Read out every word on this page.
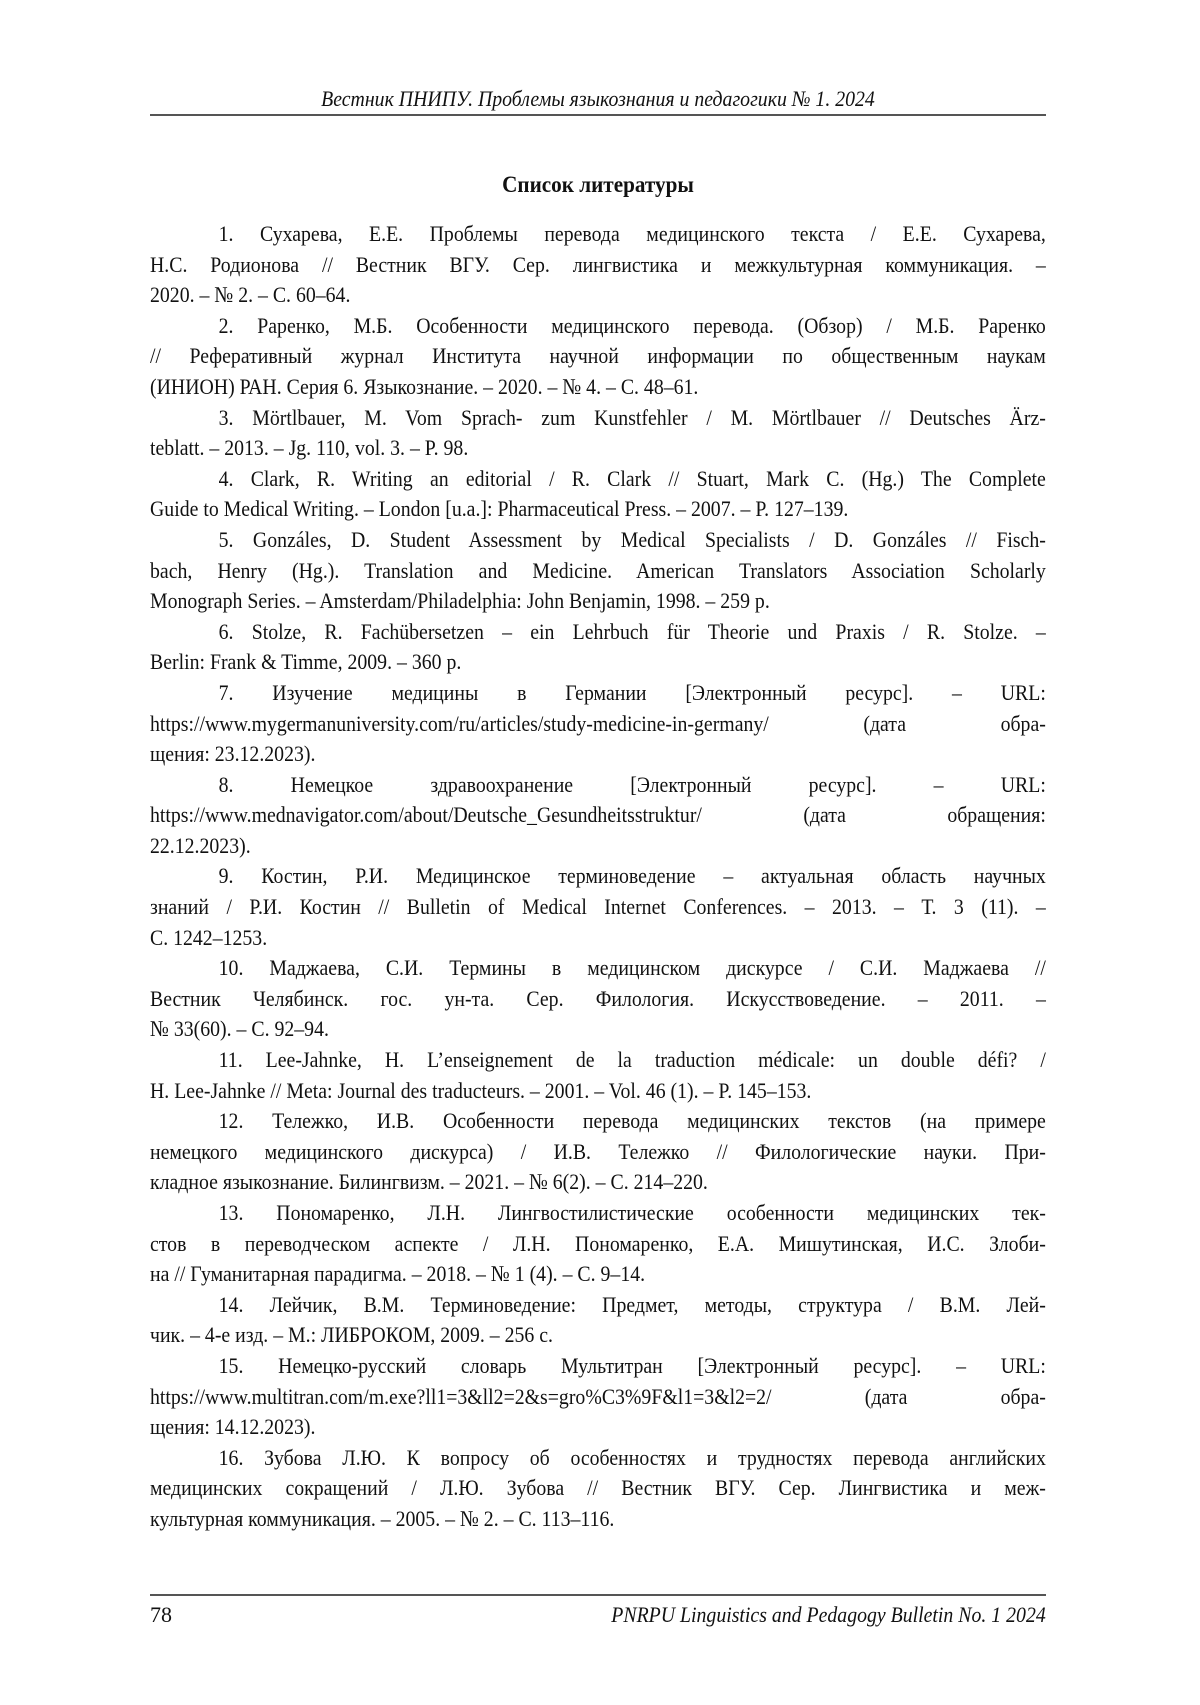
Вестник ПНИПУ. Проблемы языкознания и педагогики № 1. 2024
Список литературы
1. Сухарева, Е.Е. Проблемы перевода медицинского текста / Е.Е. Сухарева,
Н.С. Родионова // Вестник ВГУ. Сер. лингвистика и межкультурная коммуникация. –
2020. – № 2. – С. 60–64.
2. Раренко, М.Б. Особенности медицинского перевода. (Обзор) / М.Б. Раренко
// Реферативный журнал Института научной информации по общественным наукам
(ИНИОН) РАН. Серия 6. Языкознание. – 2020. – № 4. – С. 48–61.
3. Mörtlbauer, M. Vom Sprach- zum Kunstfehler / M. Mörtlbauer // Deutsches Ärz-
teblatt. – 2013. – Jg. 110, vol. 3. – P. 98.
4. Clark, R. Writing an editorial / R. Clark // Stuart, Mark C. (Hg.) The Complete
Guide to Medical Writing. – London [u.a.]: Pharmaceutical Press. – 2007. – P. 127–139.
5. Gonzáles, D. Student Assessment by Medical Specialists / D. Gonzáles // Fisch-
bach, Henry (Hg.). Translation and Medicine. American Translators Association Scholarly
Monograph Series. – Amsterdam/Philadelphia: John Benjamin, 1998. – 259 p.
6. Stolze, R. Fachübersetzen – ein Lehrbuch für Theorie und Praxis / R. Stolze. –
Berlin: Frank & Timme, 2009. – 360 p.
7. Изучение медицины в Германии [Электронный ресурс]. – URL:
https://www.mygermanuniversity.com/ru/articles/study-medicine-in-germany/ (дата обра-
щения: 23.12.2023).
8. Немецкое здравоохранение [Электронный ресурс]. – URL:
https://www.mednavigator.com/about/Deutsche_Gesundheitsstruktur/ (дата обращения:
22.12.2023).
9. Костин, Р.И. Медицинское терминоведение – актуальная область научных
знаний / Р.И. Костин // Bulletin of Medical Internet Conferences. – 2013. – Т. 3 (11). –
С. 1242–1253.
10. Маджаева, С.И. Термины в медицинском дискурсе / С.И. Маджаева //
Вестник Челябинск. гос. ун-та. Сер. Филология. Искусствоведение. – 2011. –
№ 33(60). – С. 92–94.
11. Lee-Jahnke, H. L’enseignement de la traduction médicale: un double défi? /
H. Lee-Jahnke // Meta: Journal des traducteurs. – 2001. – Vol. 46 (1). – P. 145–153.
12. Тележко, И.В. Особенности перевода медицинских текстов (на примере
немецкого медицинского дискурса) / И.В. Тележко // Филологические науки. При-
кладное языкознание. Билингвизм. – 2021. – № 6(2). – С. 214–220.
13. Пономаренко, Л.Н. Лингвостилистические особенности медицинских тек-
стов в переводческом аспекте / Л.Н. Пономаренко, Е.А. Мишутинская, И.С. Злоби-
на // Гуманитарная парадигма. – 2018. – № 1 (4). – С. 9–14.
14. Лейчик, В.М. Терминоведение: Предмет, методы, структура / В.М. Лей-
чик. – 4-е изд. – М.: ЛИБРОКОМ, 2009. – 256 с.
15. Немецко-русский словарь Мультитран [Электронный ресурс]. – URL:
https://www.multitran.com/m.exe?ll1=3&ll2=2&s=gro%C3%9F&l1=3&l2=2/ (дата обра-
щения: 14.12.2023).
16. Зубова Л.Ю. К вопросу об особенностях и трудностях перевода английских
медицинских сокращений / Л.Ю. Зубова // Вестник ВГУ. Сер. Лингвистика и меж-
культурная коммуникация. – 2005. – № 2. – С. 113–116.
78	PNRPU Linguistics and Pedagogy Bulletin No. 1 2024
